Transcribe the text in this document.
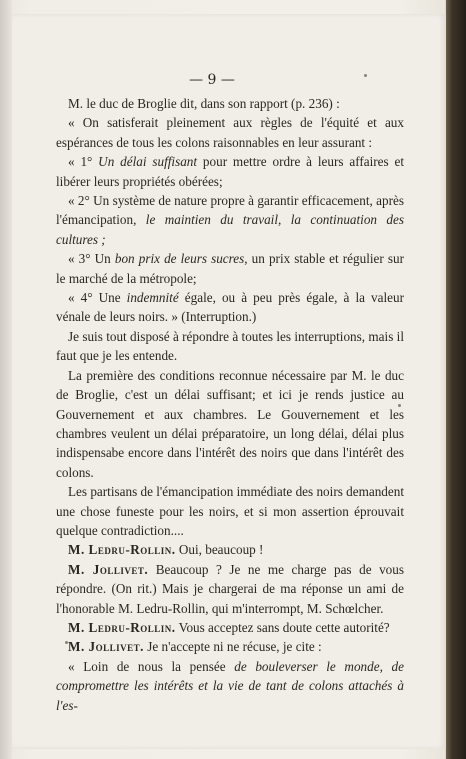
— 9 —

M. le duc de Broglie dit, dans son rapport (p. 236) :

« On satisferait pleinement aux règles de l'équité et aux espérances de tous les colons raisonnables en leur assurant :

« 1° Un délai suffisant pour mettre ordre à leurs affaires et libérer leurs propriétés obérées;

« 2° Un système de nature propre à garantir efficacement, après l'émancipation, le maintien du travail, la continuation des cultures ;

« 3° Un bon prix de leurs sucres, un prix stable et régulier sur le marché de la métropole;

« 4° Une indemnité égale, ou à peu près égale, à la valeur vénale de leurs noirs. » (Interruption.)

Je suis tout disposé à répondre à toutes les interruptions, mais il faut que je les entende.

La première des conditions reconnue nécessaire par M. le duc de Broglie, c'est un délai suffisant; et ici je rends justice au Gouvernement et aux chambres. Le Gouvernement et les chambres veulent un délai préparatoire, un long délai, délai plus indispensabe encore dans l'intérêt des noirs que dans l'intérêt des colons.

Les partisans de l'émancipation immédiate des noirs demandent une chose funeste pour les noirs, et si mon assertion éprouvait quelque contradiction....

M. Ledru-Rollin. Oui, beaucoup !

M. Jollivet. Beaucoup ? Je ne me charge pas de vous répondre. (On rit.) Mais je chargerai de ma réponse un ami de l'honorable M. Ledru-Rollin, qui m'interrompt, M. Schœlcher.

M. Ledru-Rollin. Vous acceptez sans doute cette autorité?

M. Jollivet. Je n'accepte ni ne récuse, je cite :

« Loin de nous la pensée de bouleverser le monde, de compromettre les intérêts et la vie de tant de colons attachés à l'es-
